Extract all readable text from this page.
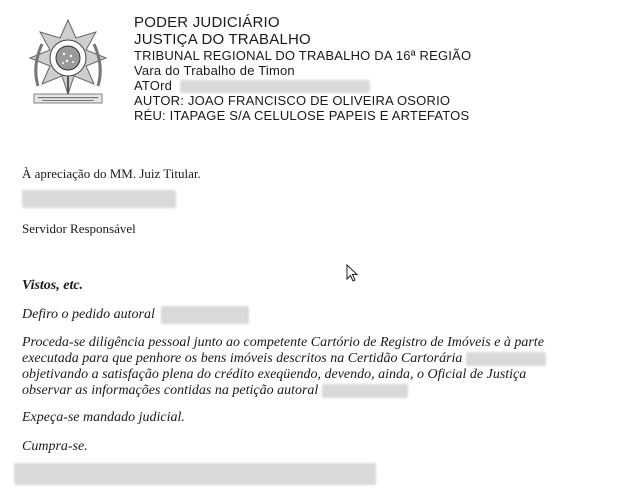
PODER JUDICIÁRIO
JUSTIÇA DO TRABALHO
TRIBUNAL REGIONAL DO TRABALHO DA 16ª REGIÃO
Vara do Trabalho de Timon
ATOrd
AUTOR: JOAO FRANCISCO DE OLIVEIRA OSORIO
RÉU: ITAPAGE S/A CELULOSE PAPEIS E ARTEFATOS
À apreciação do MM. Juiz Titular.
Servidor Responsável
Vistos, etc.
Defiro o pedido autoral
Proceda-se diligência pessoal junto ao competente Cartório de Registro de Imóveis e à parte
executada para que penhore os bens imóveis descritos na Certidão Cartorária
objetivando a satisfação plena do crédito exeqüendo, devendo, ainda, o Oficial de Justiça
observar as informações contidas na petição autoral
Expeça-se mandado judicial.
Cumpra-se.
